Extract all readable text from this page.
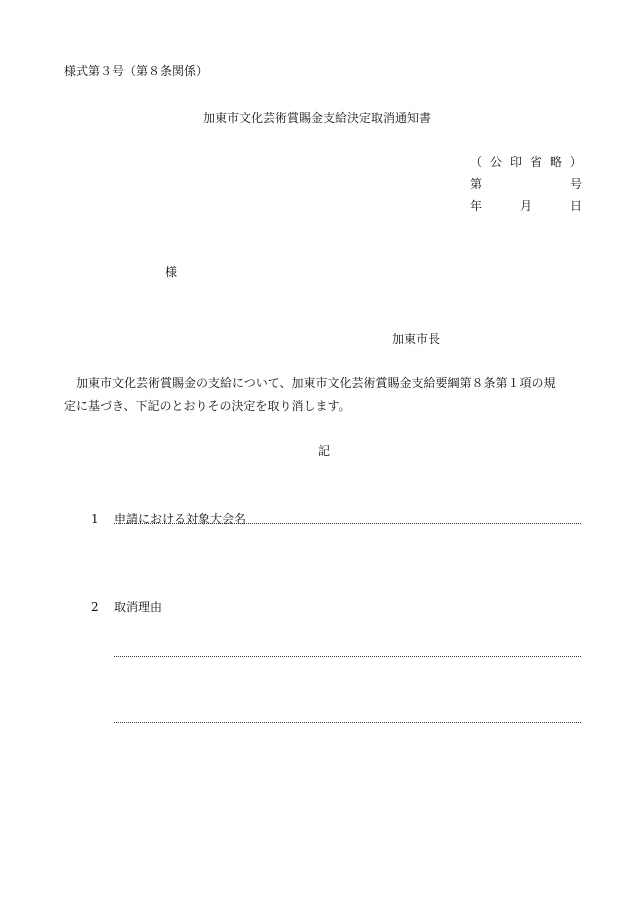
様式第３号（第８条関係）
加東市文化芸術賞賜金支給決定取消通知書
（ 公 印 省 略 ）
第	号
年	月	日
様
加東市長
加東市文化芸術賞賜金の支給について、加東市文化芸術賞賜金支給要綱第８条第１項の規
定に基づき、下記のとおりその決定を取り消します。
記
1 申請における対象大会名
2 取消理由
